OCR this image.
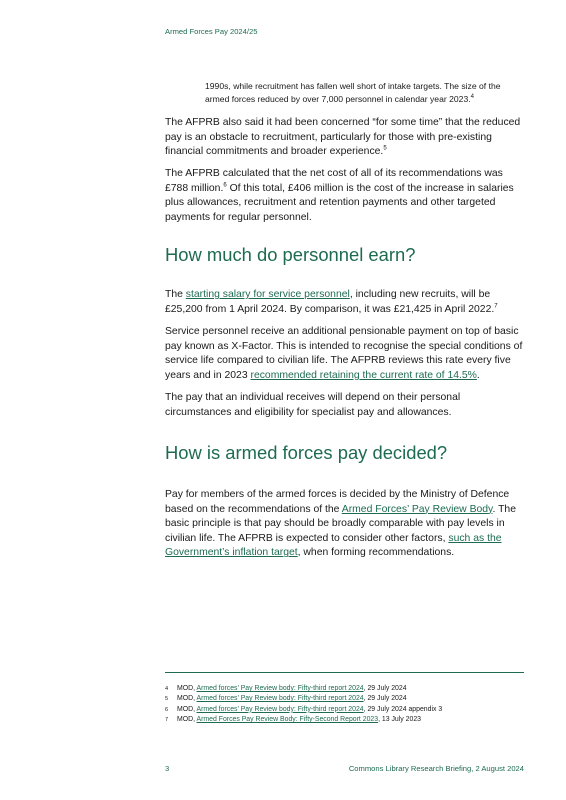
Armed Forces Pay 2024/25

1990s, while recruitment has fallen well short of intake targets. The size of the armed forces reduced by over 7,000 personnel in calendar year 2023.$^4$

The AFPRB also said it had been concerned “for some time” that the reduced pay is an obstacle to recruitment, particularly for those with pre-existing financial commitments and broader experience.$^5$

The AFPRB calculated that the net cost of all of its recommendations was £788 million.$^6$ Of this total, £406 million is the cost of the increase in salaries plus allowances, recruitment and retention payments and other targeted payments for regular personnel.

How much do personnel earn?

The starting salary for service personnel, including new recruits, will be £25,200 from 1 April 2024. By comparison, it was £21,425 in April 2022.$^7$

Service personnel receive an additional pensionable payment on top of basic pay known as X-Factor. This is intended to recognise the special conditions of service life compared to civilian life. The AFPRB reviews this rate every five years and in 2023 recommended retaining the current rate of 14.5%.

The pay that an individual receives will depend on their personal circumstances and eligibility for specialist pay and allowances.

How is armed forces pay decided?

Pay for members of the armed forces is decided by the Ministry of Defence based on the recommendations of the Armed Forces’ Pay Review Body. The basic principle is that pay should be broadly comparable with pay levels in civilian life. The AFPRB is expected to consider other factors, such as the Government’s inflation target, when forming recommendations.

4	MOD, Armed forces’ Pay Review body: Fifty-third report 2024, 29 July 2024
5	MOD, Armed forces’ Pay Review body: Fifty-third report 2024, 29 July 2024
6	MOD, Armed forces’ Pay Review body: Fifty-third report 2024, 29 July 2024 appendix 3
7	MOD, Armed Forces Pay Review Body: Fifty-Second Report 2023, 13 July 2023
3	Commons Library Research Briefing, 2 August 2024
